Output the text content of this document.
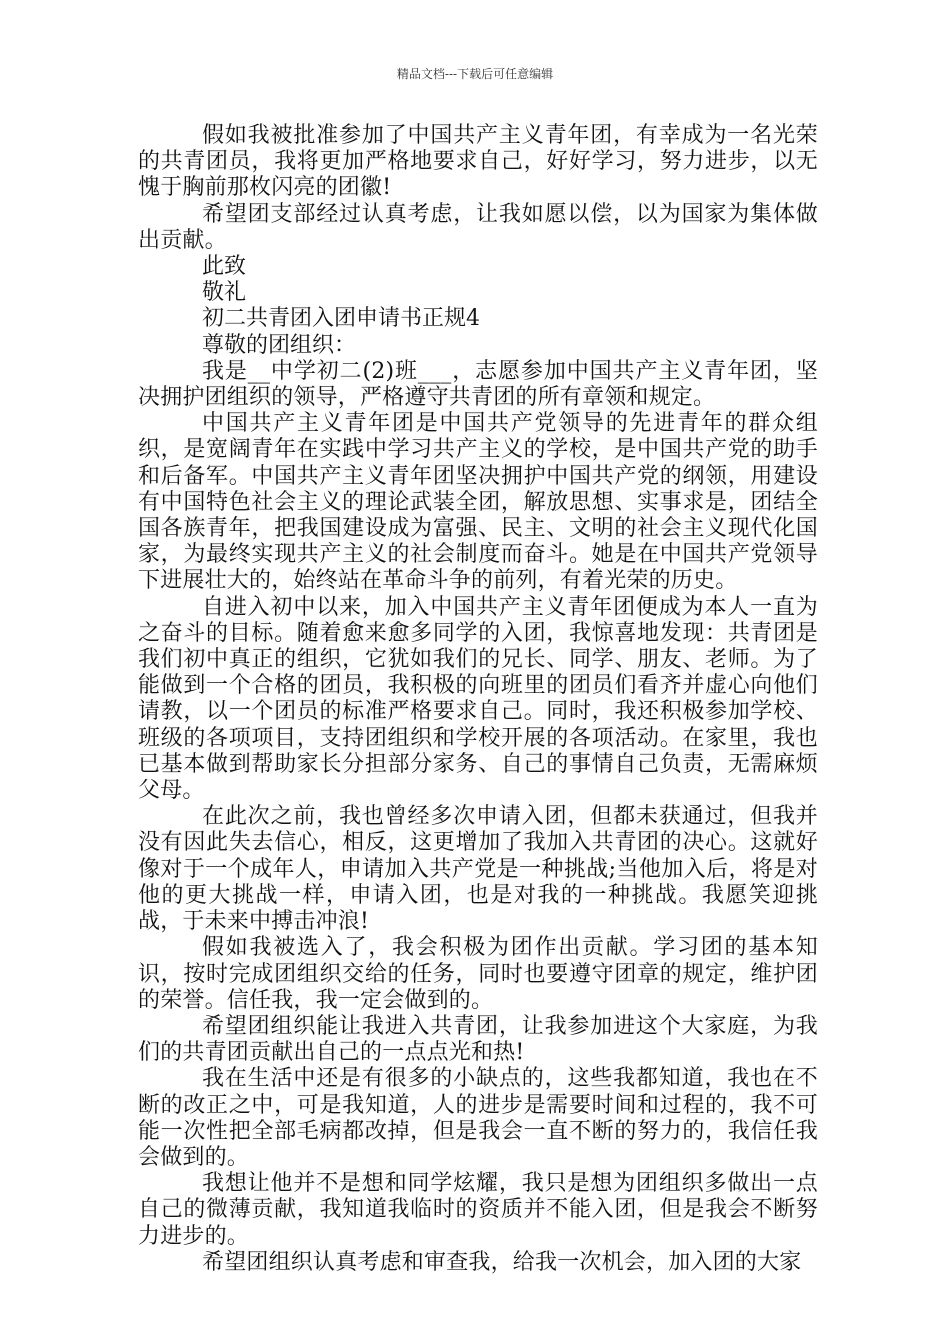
精品文档---下载后可任意编辑

假如我被批准参加了中国共产主义青年团，有幸成为一名光荣的共青团员，我将更加严格地要求自己，好好学习，努力进步，以无愧于胸前那枚闪亮的团徽!

希望团支部经过认真考虑，让我如愿以偿，以为国家为集体做出贡献。

此致

敬礼

初二共青团入团申请书正规4

尊敬的团组织：

我是__中学初二(2)班___，志愿参加中国共产主义青年团，坚决拥护团组织的领导，严格遵守共青团的所有章领和规定。

中国共产主义青年团是中国共产党领导的先进青年的群众组织，是宽阔青年在实践中学习共产主义的学校，是中国共产党的助手和后备军。中国共产主义青年团坚决拥护中国共产党的纲领，用建设有中国特色社会主义的理论武装全团，解放思想、实事求是，团结全国各族青年，把我国建设成为富强、民主、文明的社会主义现代化国家，为最终实现共产主义的社会制度而奋斗。她是在中国共产党领导下进展壮大的，始终站在革命斗争的前列，有着光荣的历史。

自进入初中以来，加入中国共产主义青年团便成为本人一直为之奋斗的目标。随着愈来愈多同学的入团，我惊喜地发现：共青团是我们初中真正的组织，它犹如我们的兄长、同学、朋友、老师。为了能做到一个合格的团员，我积极的向班里的团员们看齐并虚心向他们请教，以一个团员的标准严格要求自己。同时，我还积极参加学校、班级的各项项目，支持团组织和学校开展的各项活动。在家里，我也已基本做到帮助家长分担部分家务、自己的事情自己负责，无需麻烦父母。

在此次之前，我也曾经多次申请入团，但都未获通过，但我并没有因此失去信心，相反，这更增加了我加入共青团的决心。这就好像对于一个成年人，申请加入共产党是一种挑战;当他加入后，将是对他的更大挑战一样，申请入团，也是对我的一种挑战。我愿笑迎挑战，于未来中搏击冲浪!

假如我被选入了，我会积极为团作出贡献。学习团的基本知识，按时完成团组织交给的任务，同时也要遵守团章的规定，维护团的荣誉。信任我，我一定会做到的。

希望团组织能让我进入共青团，让我参加进这个大家庭，为我们的共青团贡献出自己的一点点光和热!

我在生活中还是有很多的小缺点的，这些我都知道，我也在不断的改正之中，可是我知道，人的进步是需要时间和过程的，我不可能一次性把全部毛病都改掉，但是我会一直不断的努力的，我信任我会做到的。

我想让他并不是想和同学炫耀，我只是想为团组织多做出一点自己的微薄贡献，我知道我临时的资质并不能入团，但是我会不断努力进步的。

希望团组织认真考虑和审查我，给我一次机会，加入团的大家
